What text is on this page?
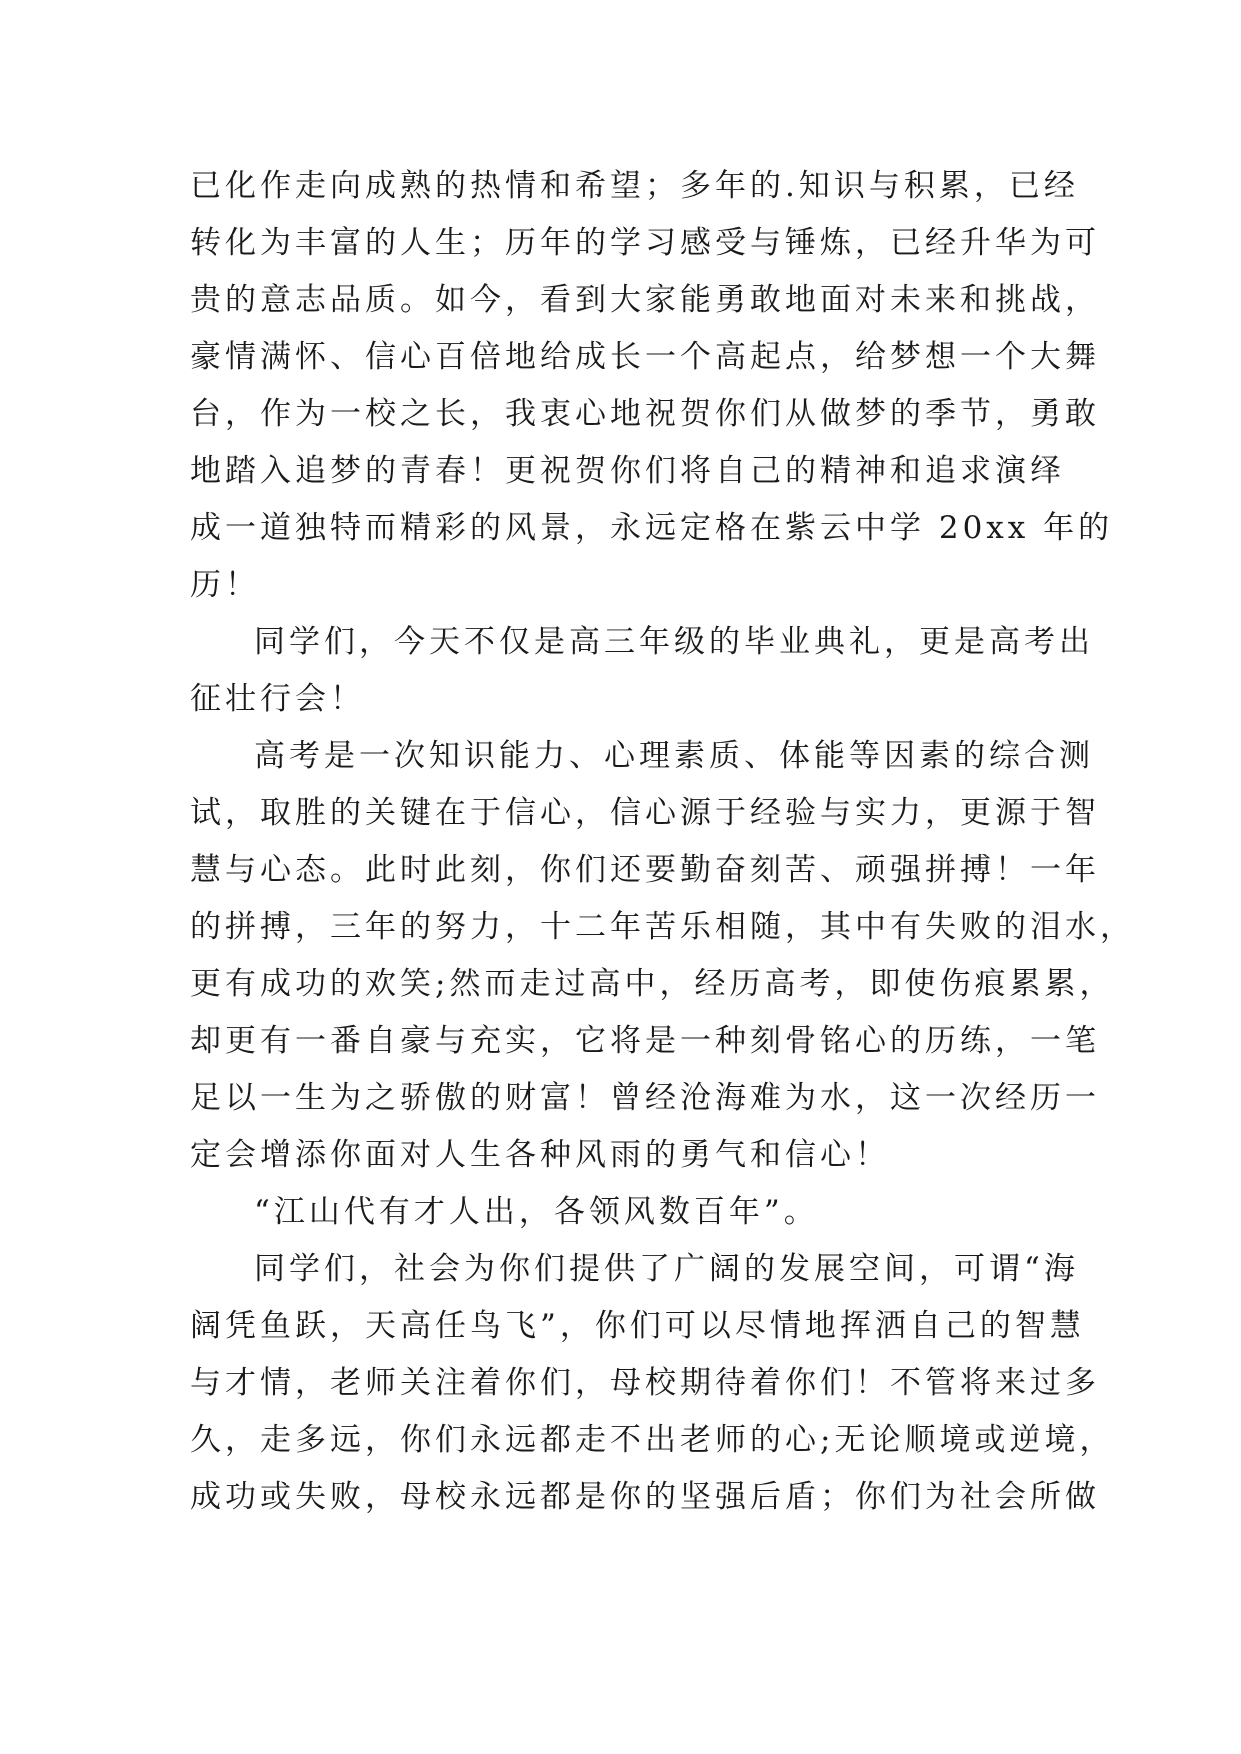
已化作走向成熟的热情和希望；多年的.知识与积累，已经
转化为丰富的人生；历年的学习感受与锤炼，已经升华为可
贵的意志品质。如今，看到大家能勇敢地面对未来和挑战，
豪情满怀、信心百倍地给成长一个高起点，给梦想一个大舞
台，作为一校之长，我衷心地祝贺你们从做梦的季节，勇敢
地踏入追梦的青春！更祝贺你们将自己的精神和追求演绎
成一道独特而精彩的风景，永远定格在紫云中学 20xx 年的
历！
同学们，今天不仅是高三年级的毕业典礼，更是高考出
征壮行会！
高考是一次知识能力、心理素质、体能等因素的综合测
试，取胜的关键在于信心，信心源于经验与实力，更源于智
慧与心态。此时此刻，你们还要勤奋刻苦、顽强拼搏！一年
的拼搏，三年的努力，十二年苦乐相随，其中有失败的泪水，
更有成功的欢笑;然而走过高中，经历高考，即使伤痕累累，
却更有一番自豪与充实，它将是一种刻骨铭心的历练，一笔
足以一生为之骄傲的财富！曾经沧海难为水，这一次经历一
定会增添你面对人生各种风雨的勇气和信心！
“江山代有才人出，各领风数百年”。
同学们，社会为你们提供了广阔的发展空间，可谓“海
阔凭鱼跃，天高任鸟飞”，你们可以尽情地挥洒自己的智慧
与才情，老师关注着你们，母校期待着你们！不管将来过多
久，走多远，你们永远都走不出老师的心;无论顺境或逆境，
成功或失败，母校永远都是你的坚强后盾；你们为社会所做
